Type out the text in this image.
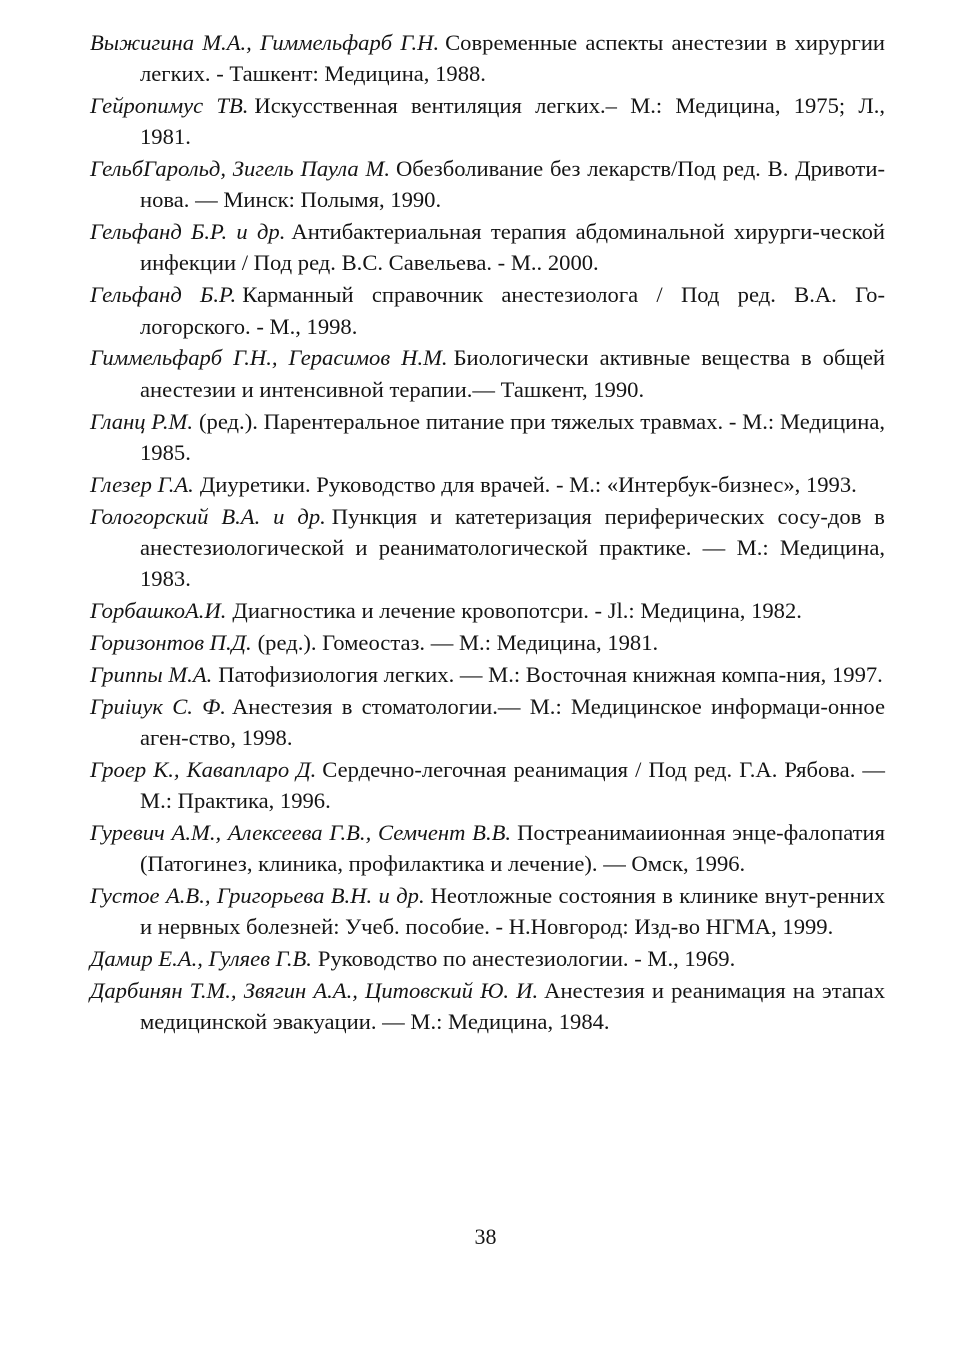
Выжигина М.А., Гиммельфарб Г.Н. Современные аспекты анестезии в хирургии легких. - Ташкент: Медицина, 1988.
Гейропимус ТВ. Искусственная вентиляция легких.– М.: Медицина, 1975; Л., 1981.
ГельбГарольд, Зигель Паула М. Обезболивание без лекарств/Под ред. В. Дривоти-нова. — Минск: Полымя, 1990.
Гельфанд Б.Р. и др. Антибактериальная терапия абдоминальной хирурги-ческой инфекции / Под ред. В.С. Савельева. - М.. 2000.
Гельфанд Б.Р. Карманный справочник анестезиолога / Под ред. В.А. Го-логорского. - М., 1998.
Гиммельфарб Г.Н., Герасимов Н.М. Биологически активные вещества в общей анестезии и интенсивной терапии.— Ташкент, 1990.
Гланц Р.М. (ред.). Парентеральное питание при тяжелых травмах. - М.: Медицина, 1985.
Глезер Г.А. Диуретики. Руководство для врачей. - М.: «Интербук-бизнес», 1993.
Гологорский В.А. и др. Пункция и катетеризация периферических сосу-дов в анестезиологической и реаниматологической практике. — М.: Медицина, 1983.
ГорбашкоА.И. Диагностика и лечение кровопотсри. - Jl.: Медицина, 1982.
Горизонтов П.Д. (ред.). Гомеостаз. — М.: Медицина, 1981.
Гриппы М.А. Патофизиология легких. — М.: Восточная книжная компа-ния, 1997.
Гриiuук С. Ф. Анестезия в стоматологии.— М.: Медицинское информаци-онное аген-ство, 1998.
Гроер К., Каваплаpo Д. Сердечно-легочная реанимация / Под ред. Г.А. Рябова. — М.: Практика, 1996.
Гуревич А.М., Алексеева Г.В., Семчент В.В. Постреанимаиионная энце-фалопатия (Патогинез, клиника, профилактика и лечение). — Омск, 1996.
Густое А.В., Григорьева В.Н. и др. Неотложные состояния в клинике внут-ренних и нервных болезней: Учеб. пособие. - Н.Новгород: Изд-во НГМА, 1999.
Дамир Е.А., Гуляев Г.В. Руководство по анестезиологии. - М., 1969.
Дарбинян Т.М., Звягин А.А., Цитовский Ю. И. Анестезия и реанимация на этапах медицинской эвакуации. — М.: Медицина, 1984.
38
